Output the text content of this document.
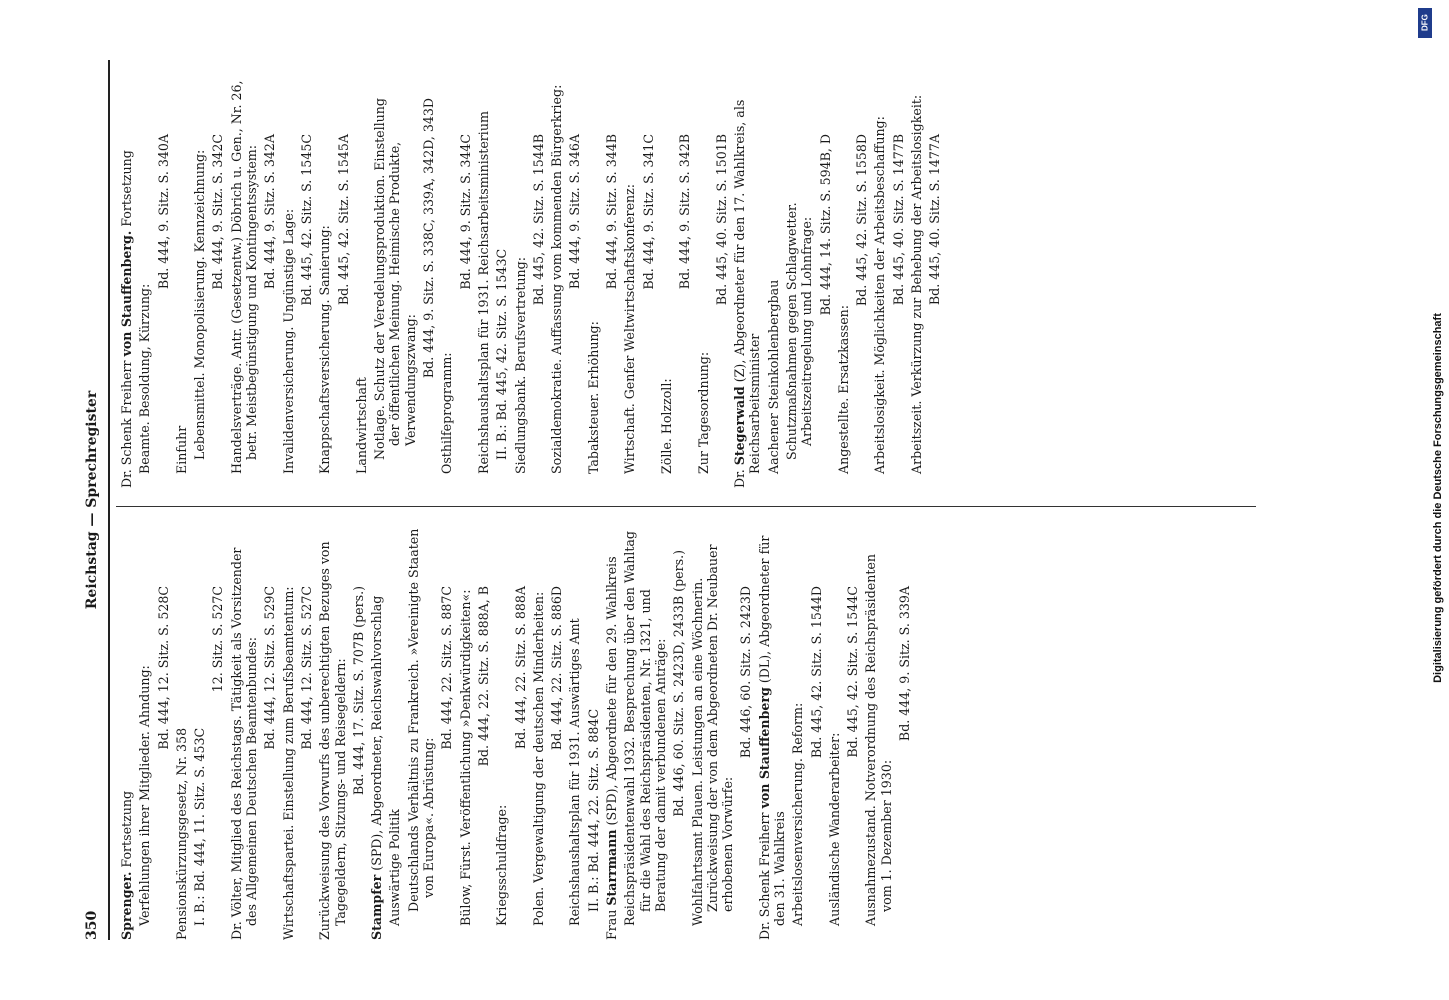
350
Reichstag — Sprechregister
Sprenger. Fortsetzung Verfehlungen ihrer Mitglieder. Ahndung: Bd. 444, 12. Sitz. S. 528C
Pensionskürzungsgesetz, Nr. 358 I. B.: Bd. 444, 11. Sitz. S. 453C
12. Sitz. S. 527C Dr. Völter, Mitglied des Reichstags. Tätigkeit als Vorsitzender des Allgemeinen Deutschen Beamtenbundes: Bd. 444, 12. Sitz. S. 529C Wirtschaftspartei. Einstellung zum Berufsbeamtentum: Bd. 444, 12. Sitz. S. 527C Zurückweisung des Vorwurfs des unberechtigten Bezuges von Tagegeldern, Sitzungs- und Reisegeldern: Bd. 444, 17. Sitz. S. 707B (pers.)
Stampfer (SPD), Abgeordneter, Reichswahlvorschlag Auswärtige Politik Deutschlands Verhältnis zu Frankreich. »Vereinigte Staaten von Europa«. Abrüstung:
Bd. 444, 22. Sitz. S. 887C Bülow, Fürst. Veröffentlichung »Denkwürdigkeiten«: Bd. 444, 22. Sitz. S. 888A, B
Kriegsschuldfrage:
Bd. 444, 22. Sitz. S. 888A Polen. Vergewaltigung der deutschen Minderheiten: Bd. 444, 22. Sitz. S. 886D Reichshaushaltsplan für 1931. Auswärtiges Amt II. B.: Bd. 444, 22. Sitz. S. 884C
Frau Starrmann (SPD), Abgeordnete für den 29. Wahlkreis Reichspräsidentenwahl 1932. Besprechung über den Wahltag für die Wahl des Reichspräsidenten, Nr. 1321, und Beratung der damit verbundenen Anträge: Bd. 446, 60. Sitz. S. 2423D, 2433B (pers.) Wohlfahrtsamt Plauen. Leistungen an eine Wöchnerin. Zurückweisung der von dem Abgeordneten Dr. Neubauer erhobenen Vorwürfe:
Bd. 446, 60. Sitz. S. 2423D
Dr. Schenk Freiherr von Stauffenberg (DL), Abgeordneter für den 31. Wahlkreis Arbeitslosenversicherung. Reform:
Bd. 445, 42. Sitz. S. 1544D
Ausländische Wanderarbeiter:
Bd. 445, 42. Sitz. S. 1544C Ausnahmezustand. Notverordnung des Reichspräsidenten vom 1. Dezember 1930:
Bd. 444, 9. Sitz. S. 339A
Dr. Schenk Freiherr von Stauffenberg. Fortsetzung
Beamte. Besoldung, Kürzung:
Bd. 444, 9. Sitz. S. 340A
Einfuhr Lebensmittel. Monopolisierung. Kennzeichnung: Bd. 444, 9. Sitz. S. 342C Handelsverträge. Antr. (Gesetzentw.) Döbrich u. Gen., Nr. 26, betr. Meistbegünstigung und Kontingentssystem: Bd. 444, 9. Sitz. S. 342A Invalidenversicherung. Ungünstige Lage: Bd. 445, 42. Sitz. S. 1545C
Knappschaftsversicherung. Sanierung:
Bd. 445, 42. Sitz. S. 1545A
Landwirtschaft Notlage. Schutz der Veredelungsproduktion. Einstellung der öffentlichen Meinung. Heimische Produkte, Verwendungszwang:
Bd. 444, 9. Sitz. S. 338C, 339A, 342D, 343D
Osthilfeprogramm:
Bd. 444, 9. Sitz. S. 344C Reichshaushaltsplan für 1931. Reichsarbeitsministerium II. B.: Bd. 445, 42. Sitz. S. 1543C Siedlungsbank. Berufsvertretung:
Bd. 445, 42. Sitz. S. 1544B Sozialdemokratie. Auffassung vom kommenden Bürgerkrieg: Bd. 444, 9. Sitz. S. 346A
Tabaksteuer. Erhöhung:
Bd. 444, 9. Sitz. S. 344B Wirtschaft. Genfer Weltwirtschaftskonferenz: Bd. 444, 9. Sitz. S. 341C
Zölle. Holzzoll:
Bd. 444, 9. Sitz. S. 342B
Zur Tagesordnung:
Bd. 445, 40. Sitz. S. 1501B
Dr. Stegerwald (Z), Abgeordneter für den 17. Wahlkreis, als Reichsarbeitsminister Aachener Steinkohlenbergbau Schutzmaßnahmen gegen Schlagwetter. Arbeitszeitregelung und Lohnfrage: Bd. 444, 14. Sitz. S. 594B, D
Angestellte. Ersatzkassen:
Bd. 445, 42. Sitz. S. 1558D Arbeitslosigkeit. Möglichkeiten der Arbeitsbeschaffung: Bd. 445, 40. Sitz. S. 1477B Arbeitszeit. Verkürzung zur Behebung der Arbeitslosigkeit: Bd. 445, 40. Sitz. S. 1477A
Digitalisierung gefördert durch die Deutsche Forschungsgemeinschaft
DFG
